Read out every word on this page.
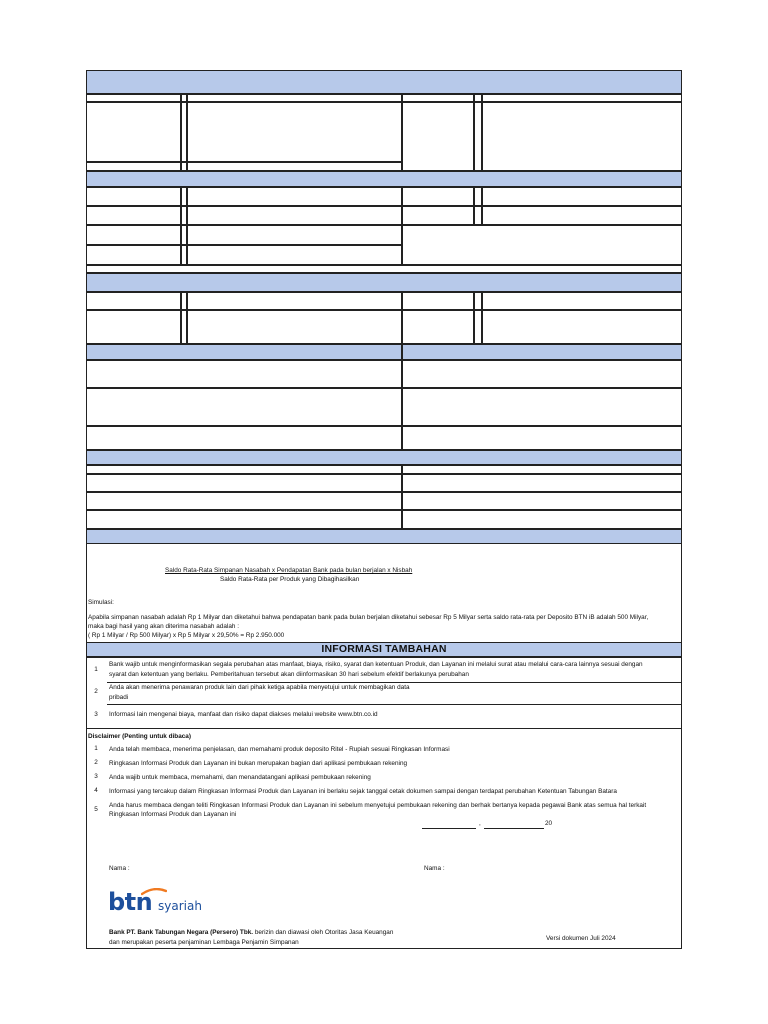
Saldo Rata-Rata Simpanan Nasabah x Pendapatan Bank pada bulan berjalan x Nisbah
Saldo Rata-Rata per Produk yang Dibagihasilkan
Simulasi:
Apabila simpanan nasabah adalah Rp 1 Milyar dan diketahui bahwa pendapatan bank pada bulan berjalan diketahui sebesar Rp 5 Milyar serta saldo rata-rata per Deposito BTN iB adalah 500 Milyar,
maka bagi hasil yang akan diterima nasabah adalah :
( Rp 1 Milyar / Rp 500 Milyar) x Rp 5 Milyar x 29,50% = Rp 2.950.000
INFORMASI TAMBAHAN
1
Bank wajib untuk menginformasikan segala perubahan atas manfaat, biaya, risiko, syarat dan ketentuan Produk, dan Layanan ini melalui surat atau melalui cara-cara lainnya sesuai dengan
syarat dan ketentuan yang berlaku. Pemberitahuan tersebut akan diinformasikan 30 hari sebelum efektif berlakunya perubahan
2
Anda akan menerima penawaran produk lain dari pihak ketiga apabila menyetujui untuk membagikan data
pribadi
3	Informasi lain mengenai biaya, manfaat dan risiko dapat diakses melalui website www.btn.co.id
Disclaimer (Penting untuk dibaca)
1	Anda telah membaca, menerima penjelasan, dan memahami produk deposito Ritel - Rupiah sesuai Ringkasan Informasi
2	Ringkasan Informasi Produk dan Layanan ini bukan merupakan bagian dari aplikasi pembukaan rekening
3	Anda wajib untuk membaca, memahami, dan menandatangani aplikasi pembukaan rekening
4	Informasi yang tercakup dalam Ringkasan Informasi Produk dan Layanan ini berlaku sejak tanggal cetak dokumen sampai dengan terdapat perubahan Ketentuan Tabungan Batara
5
Anda harus membaca dengan teliti Ringkasan Informasi Produk dan Layanan ini sebelum menyetujui pembukaan rekening dan berhak bertanya kepada pegawai Bank atas semua hal terkait
Ringkasan Informasi Produk dan Layanan ini
,	20
Nama :	Nama :
btn syariah
Bank PT. Bank Tabungan Negara (Persero) Tbk. berizin dan diawasi oleh Otoritas Jasa Keuangan
dan merupakan peserta penjaminan Lembaga Penjamin Simpanan
Versi dokumen Juli 2024
